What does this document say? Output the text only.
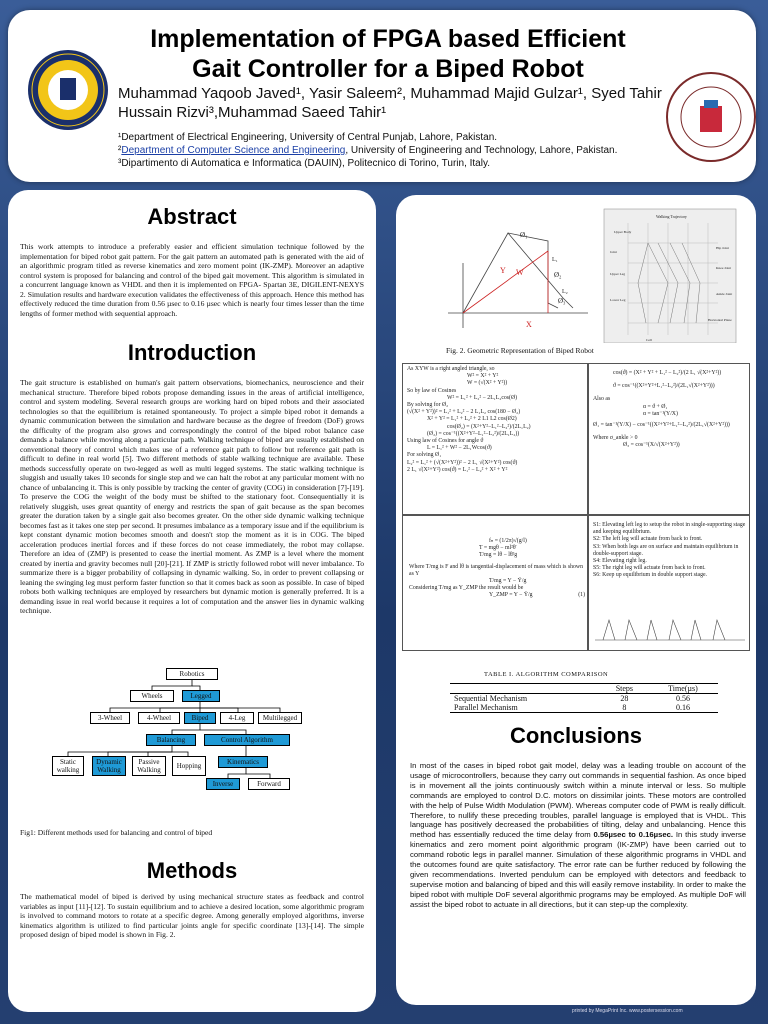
Implementation of FPGA based Efficient
Gait Controller for a Biped Robot
Muhammad Yaqoob Javed¹, Yasir Saleem², Muhammad Majid Gulzar¹, Syed Tahir
Hussain Rizvi³,Muhammad Saeed Tahir¹
¹Department of Electrical Engineering, University of Central Punjab, Lahore, Pakistan.
²Department of Computer Science and Engineering, University of Engineering and Technology, Lahore, Pakistan.
³Dipartimento di Automatica e Informatica (DAUIN), Politecnico di Torino, Turin, Italy.
Abstract
This work attempts to introduce a preferably easier and efficient simulation technique followed by the implementation for biped robot gait pattern. For the gait pattern an automated path is generated with the aid of an algorithmic program titled as reverse kinematics and zero moment point (IK-ZMP). Moreover an adaptive control system is proposed for balancing and control of the biped gait movement. This algorithm is simulated in a concurrent language known as VHDL and then it is implemented on FPGA- Spartan 3E, DIGILENT-NEXYS 2. Simulation results and hardware execution validates the effectiveness of this approach. Hence this method has effectively reduced the time duration from 0.56 µsec to 0.16 µsec which is nearly four times lesser than the time lengths of former method with sequential approach.
Introduction
The gait structure is established on human's gait pattern observations, biomechanics, neuroscience and their mechanical structure. Therefore biped robots propose demanding issues in the areas of artificial intelligence, control and system modeling. Several research groups are working hard on biped robots and their associated technologies so that the equilibrium is retained spontaneously. To project a simple biped robot it demands a dynamic communication between the simulation and hardware because as the degree of freedom (DoF) grows the difficulty of the program also grows and correspondingly the control of the biped robot balance case demands a balance while moving along a particular path. Walking technique of biped are usually established on conventional theory of control which makes use of a reference gait path to follow but reference gait path is difficult to define in real world [5]. Two different methods of stable walking technique are available. These methods successfully operate on two-legged as well as multi legged systems. The static walking technique is sluggish and usually takes 10 seconds for single step and we can halt the robot at any particular moment with no chance of unbalancing it. This is only possible by tracking the center of gravity (COG) in consideration [7]-[19]. To preserve the COG the weight of the body must be shifted to the stationary foot. Consequentially it is relatively sluggish, uses great quantity of energy and restricts the span of gait because as the span becomes greater the duration taken by a single gait also becomes greater. On the other side dynamic walking technique becomes fast as it takes one step per second. It presumes imbalance as a temporary issue and if the equilibrium is kept constant dynamic motion becomes smooth and doesn't stop the moment as it is in COG. The biped acceleration produces inertial forces and if these forces do not cease immediately, the robot may collapse. Therefore an idea of (ZMP) is presented to cease the inertial moment. As ZMP is a level where the moment created by inertia and gravity becomes null [20]-[21]. If ZMP is strictly followed robot will never imbalance. To summarize there is a bigger probability of collapsing in dynamic walking. So, in order to prevent collapsing or leaning the swinging leg must perform faster function so that it comes back as soon as possible. In case of biped robots both walking techniques are employed by researchers but dynamic motion is generally preferred. It is a demanding issue in real world because it requires a lot of computation and the answer lies in dynamic walking technique.
Robotics
Wheels	Legged
3-Wheel	4-Wheel	Biped	4-Leg	Multilegged
Balancing	Control Algorithm
Static walking
Dynamic Walking
Passive Walking	Hopping	Kinematics
Inverse	Forward
Fig1: Different methods used for balancing and control of biped
Methods
The mathematical model of biped is derived by using mechanical structure states as feedback and control variables as input [11]-[12]. To sustain equilibrium and to achieve a desired location, some algorithmic program is involved to command motors to rotate at a specific degree. Among generally employed algorithms, inverse kinematics algorithm is utilized to find particular joints angle for specific coordinate [13]-[14]. The simple proposed design of biped model is shown in Fig. 2.
Y W
X
Ø₁
Ø₂
Ø₃
L₁
L₂
Walking Trajectory
Upper Body
Joint
Upper Leg
Lower Leg
Hip Joint
Knee Joint
Ankle Joint
Horizontal Plane
Cell
Fig. 2. Geometric Representation of Biped Robot
As XYW is a right angled triangle, so
W² = X² + Y²
W = (√(X² + Y²))
So by law of Cosines
W² = L₁² + L₂² − 2L₁L₂cos(Ø)
By solving for Ø₂
(√(X² + Y²))² = L₁² + L₂² − 2 L₁L₂ cos(180 − Ø₂)
X² + Y² = L₁² + L₂² + 2 L1 L2 cos(Ø2)
cos(Ø₂) = (X²+Y²−L₁²−L₂²)/(2L₁L₂)
(Ø₂) = cos⁻¹((X²+Y²−L₁²−L₂²)/(2L₁L₂))
Using law of Cosines for angle ϑ
L = L₁² + W² − 2L₁Wcos(ϑ)
For solving Ø₁
L₂² = L₁² + (√(X²+Y²))² − 2 L₁ √(X²+Y²) cos(ϑ)
2 L₁ √(X²+Y²) cos(ϑ) = L₁² − L₂² + X² + Y²
cos(ϑ) = (X² + Y² + L₁² − L₂²)/(2 L₁ √(X²+Y²))
ϑ = cos⁻¹((X²+Y²+L₁²−L₂²)/(2L₁√(X²+Y²)))
Also as
α = ϑ + Ø₁
α = tan⁻¹(Y/X)
Ø₁ = tan⁻¹(Y/X) − cos⁻¹((X²+Y²+L₁²−L₂²)/(2L₁√(X²+Y²)))
Where σ_ankle > 0
Ø₃ = cos⁻¹(X/√(X²+Y²))
fₙ = (1/2π)√(g/l)
T = mgθ − ml²θ̈
T/mg = lθ − lθ̈/g
Where T/mg is F and lθ is tangential-displacement of mass which is shown as Y
T/mg = Y − Ÿ/g
Considering T/mg as Y_ZMP the result would be
Y_ZMP = Y − Ÿ/g	(1)
S1: Elevating left leg to setup the robot in single-supporting stage and keeping equilibrium.
S2: The left leg will actuate from back to front.
S3: When both legs are on surface and maintain equilibrium in double-support stage.
S4: Elevating right leg.
S5: The right leg will actuate from back to front.
S6: Keep up equilibrium in double support stage.
TABLE I. ALGORITHM COMPARISON
	Steps	Time(µs)
Sequential Mechanism	28	0.56
Parallel Mechanism	8	0.16
Conclusions
In most of the cases in biped robot gait model, delay was a leading trouble on account of the usage of microcontrollers, because they carry out commands in sequential fashion. As once biped is in movement all the joints continuously switch within a minute interval or less. So multiple commands are employed to control D.C. motors on dissimilar joints. These motors are controlled with the help of Pulse Width Modulation (PWM). Whereas computer code of PWM is really difficult. Therefore, to nullify these preceding troubles, parallel language is employed that is VHDL. This language has positively decreased the probabilities of tilting, delay and unbalancing. Hence this method has essentially reduced the time delay from 0.56µsec to 0.16µsec. In this study inverse kinematics and zero moment point algorithmic program (IK-ZMP) have been carried out to command robotic legs in parallel manner. Simulation of these algorithmic programs in VHDL and the outcomes found are quite satisfactory. The error rate can be further reduced by following the given recommendations. Inverted pendulum can be employed with detectors and feedback to supervise motion and balancing of biped and this will easily remove instability. In order to make the biped robot with multiple DoF several algorithmic programs may be employed. As multiple DoF will assist the biped robot to actuate in all directions, but it can step-up the complexity.
printed by MegaPrint Inc. www.postersession.com
